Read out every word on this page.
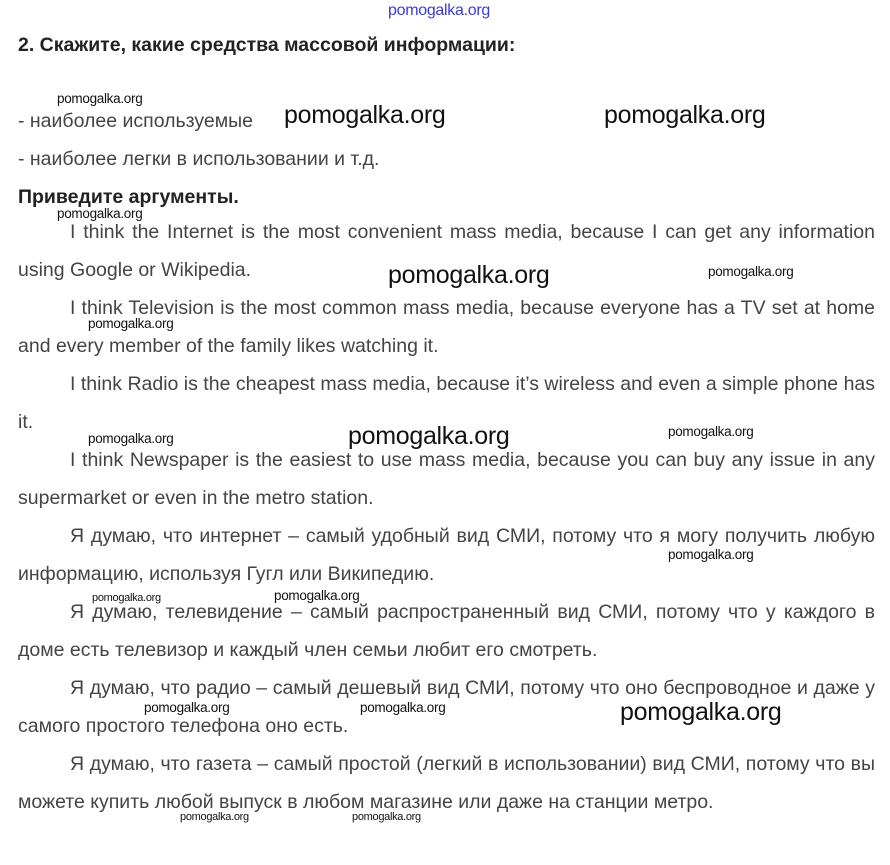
pomogalka.org
2. Скажите, какие средства массовой информации:
- наиболее используемые
- наиболее легки в использовании и т.д.
Приведите аргументы.
I think the Internet is the most convenient mass media, because I can get any information using Google or Wikipedia.
I think Television is the most common mass media, because everyone has a TV set at home and every member of the family likes watching it.
I think Radio is the cheapest mass media, because it’s wireless and even a simple phone has it.
I think Newspaper is the easiest to use mass media, because you can buy any issue in any supermarket or even in the metro station.
Я думаю, что интернет – самый удобный вид СМИ, потому что я могу получить любую информацию, используя Гугл или Википедию.
Я думаю, телевидение – самый распространенный вид СМИ, потому что у каждого в доме есть телевизор и каждый член семьи любит его смотреть.
Я думаю, что радио – самый дешевый вид СМИ, потому что оно беспроводное и даже у самого простого телефона оно есть.
Я думаю, что газета – самый простой (легкий в использовании) вид СМИ, потому что вы можете купить любой выпуск в любом магазине или даже на станции метро.
pomogalka.org
pomogalka.org	pomogalka.org
pomogalka.org
pomogalka.org	pomogalka.org
pomogalka.org
pomogalka.org	pomogalka.org	pomogalka.org
pomogalka.org
pomogalka.org	pomogalka.org
pomogalka.org	pomogalka.org	pomogalka.org
pomogalka.org	pomogalka.org
